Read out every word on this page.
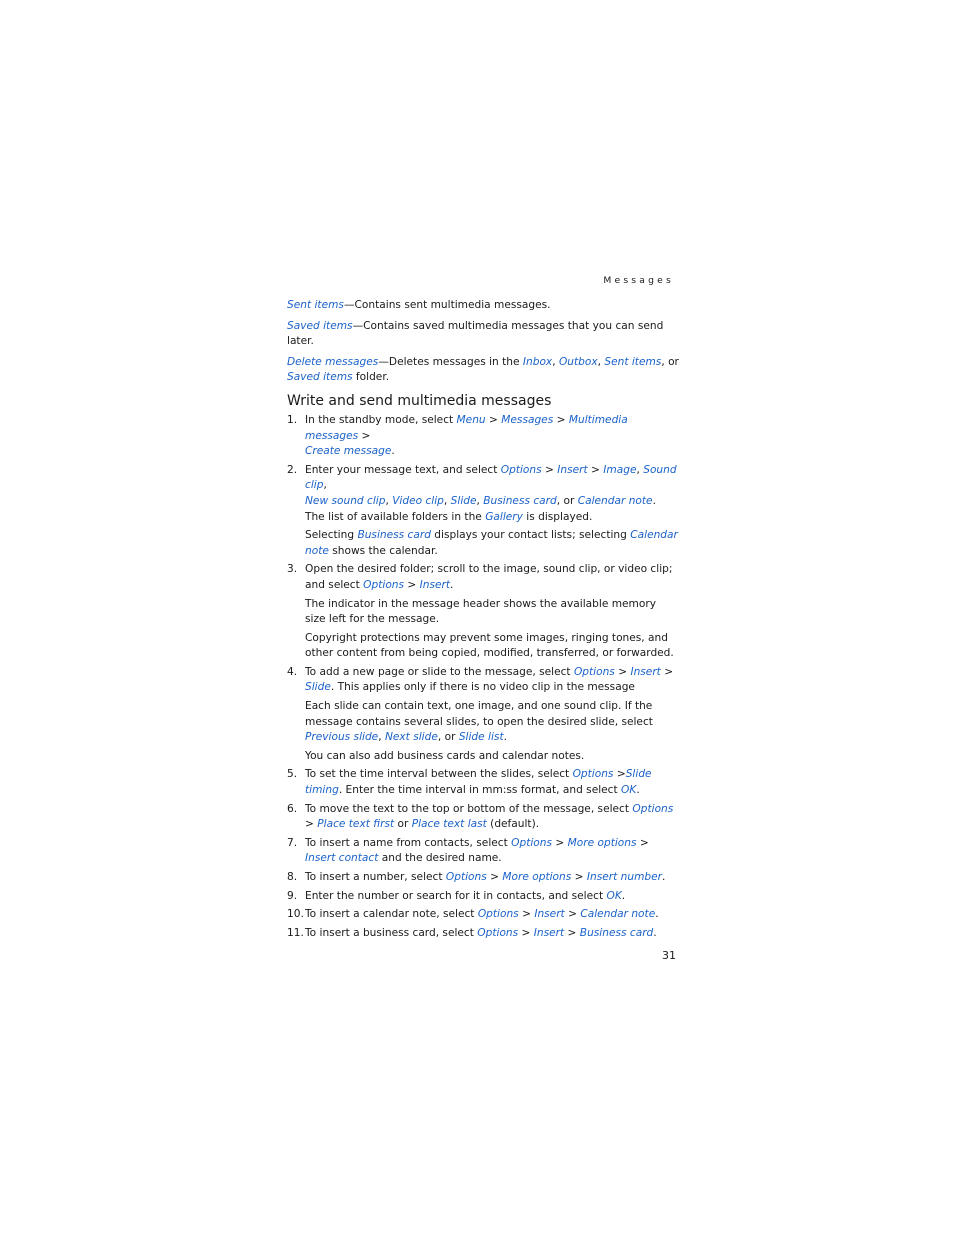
Messages

Sent items—Contains sent multimedia messages.

Saved items—Contains saved multimedia messages that you can send later.

Delete messages—Deletes messages in the Inbox, Outbox, Sent items, or
Saved items folder.

Write and send multimedia messages
1. In the standby mode, select Menu > Messages > Multimedia messages >
Create message.
2. Enter your message text, and select Options > Insert > Image, Sound clip,
New sound clip, Video clip, Slide, Business card, or Calendar note. The list of available folders in the Gallery is displayed.
Selecting Business card displays your contact lists; selecting Calendar note shows the calendar.
3. Open the desired folder; scroll to the image, sound clip, or video clip; and select Options > Insert.
The indicator in the message header shows the available memory size left for the message.
Copyright protections may prevent some images, ringing tones, and other content from being copied, modified, transferred, or forwarded.
4. To add a new page or slide to the message, select Options > Insert > Slide. This applies only if there is no video clip in the message
Each slide can contain text, one image, and one sound clip. If the message contains several slides, to open the desired slide, select Previous slide, Next slide, or Slide list.
You can also add business cards and calendar notes.
5. To set the time interval between the slides, select Options >Slide timing. Enter the time interval in mm:ss format, and select OK.
6. To move the text to the top or bottom of the message, select Options > Place text first or Place text last (default).
7. To insert a name from contacts, select Options > More options > Insert contact and the desired name.
8. To insert a number, select Options > More options > Insert number.
9. Enter the number or search for it in contacts, and select OK.
10. To insert a calendar note, select Options > Insert > Calendar note.
11. To insert a business card, select Options > Insert > Business card.
31
